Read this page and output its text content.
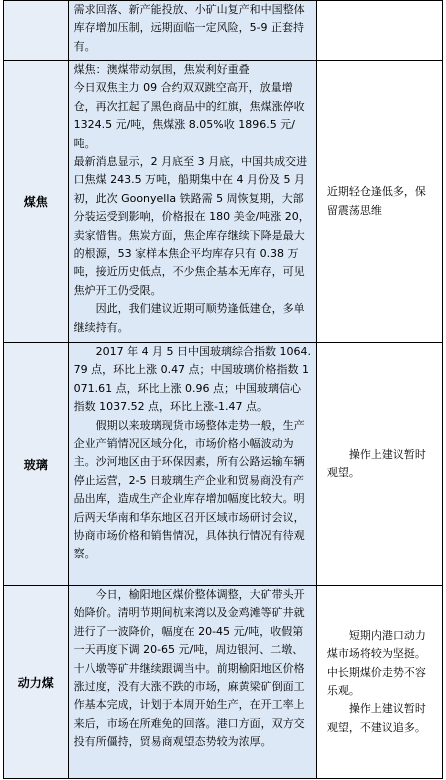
	需求回落、新产能投放、小矿山复产和中国整体库存增加压制，远期面临一定风险，5-9 正套持有。	

煤焦	煤焦：澳煤带动氛围，焦炭利好重叠

今日双焦主力 09 合约双双跳空高开，放量增仓，再次扛起了黑色商品中的红旗，焦煤涨停收 1324.5 元/吨，焦煤涨 8.05%收 1896.5 元/吨。

最新消息显示，2 月底至 3 月底，中国共成交进口焦煤 243.5 万吨，船期集中在 4 月份及 5 月初，此次 Goonyella 铁路需 5 周恢复期，大部分装运受到影响，价格报在 180 美金/吨涨 20，卖家惜售。焦炭方面，焦企库存继续下降是最大的根源，53 家样本焦企平均库存只有 0.38 万吨，接近历史低点，不少焦企基本无库存，可见焦炉开工仍受限。

因此，我们建议近期可顺势逢低建仓，多单继续持有。	近期轻仓逢低多，保留震荡思维

玻璃	2017 年 4 月 5 日中国玻璃综合指数 1064.79 点，环比上涨 0.47 点；中国玻璃价格指数 1071.61 点，环比上涨 0.96 点；中国玻璃信心指数 1037.52 点，环比上涨-1.47 点。

假期以来玻璃现货市场整体走势一般，生产企业产销情况区域分化，市场价格小幅波动为主。沙河地区由于环保因素，所有公路运输车辆停止运营，2-5 日玻璃生产企业和贸易商没有产品出库，造成生产企业库存增加幅度比较大。明后两天华南和华东地区召开区域市场研讨会议，协商市场价格和销售情况，具体执行情况有待观察。	操作上建议暂时观望。

动力煤	今日，榆阳地区煤价整体调整，大矿带头开始降价。清明节期间杭来湾以及金鸡滩等矿井就进行了一波降价，幅度在 20-45 元/吨，收假第一天再度下调 20-65 元/吨，周边银河、二墩、十八墩等矿井继续跟调当中。前期榆阳地区价格涨过度，没有大涨不跌的市场，麻黄梁矿倒面工作基本完成，计划于本周开始生产，在开工率上来后，市场在所难免的回落。港口方面，双方交投有所僵持，贸易商观望态势较为浓厚。	短期内港口动力煤市场将较为坚挺。中长期煤价走势不容乐观。

操作上建议暂时观望，不建议追多。
